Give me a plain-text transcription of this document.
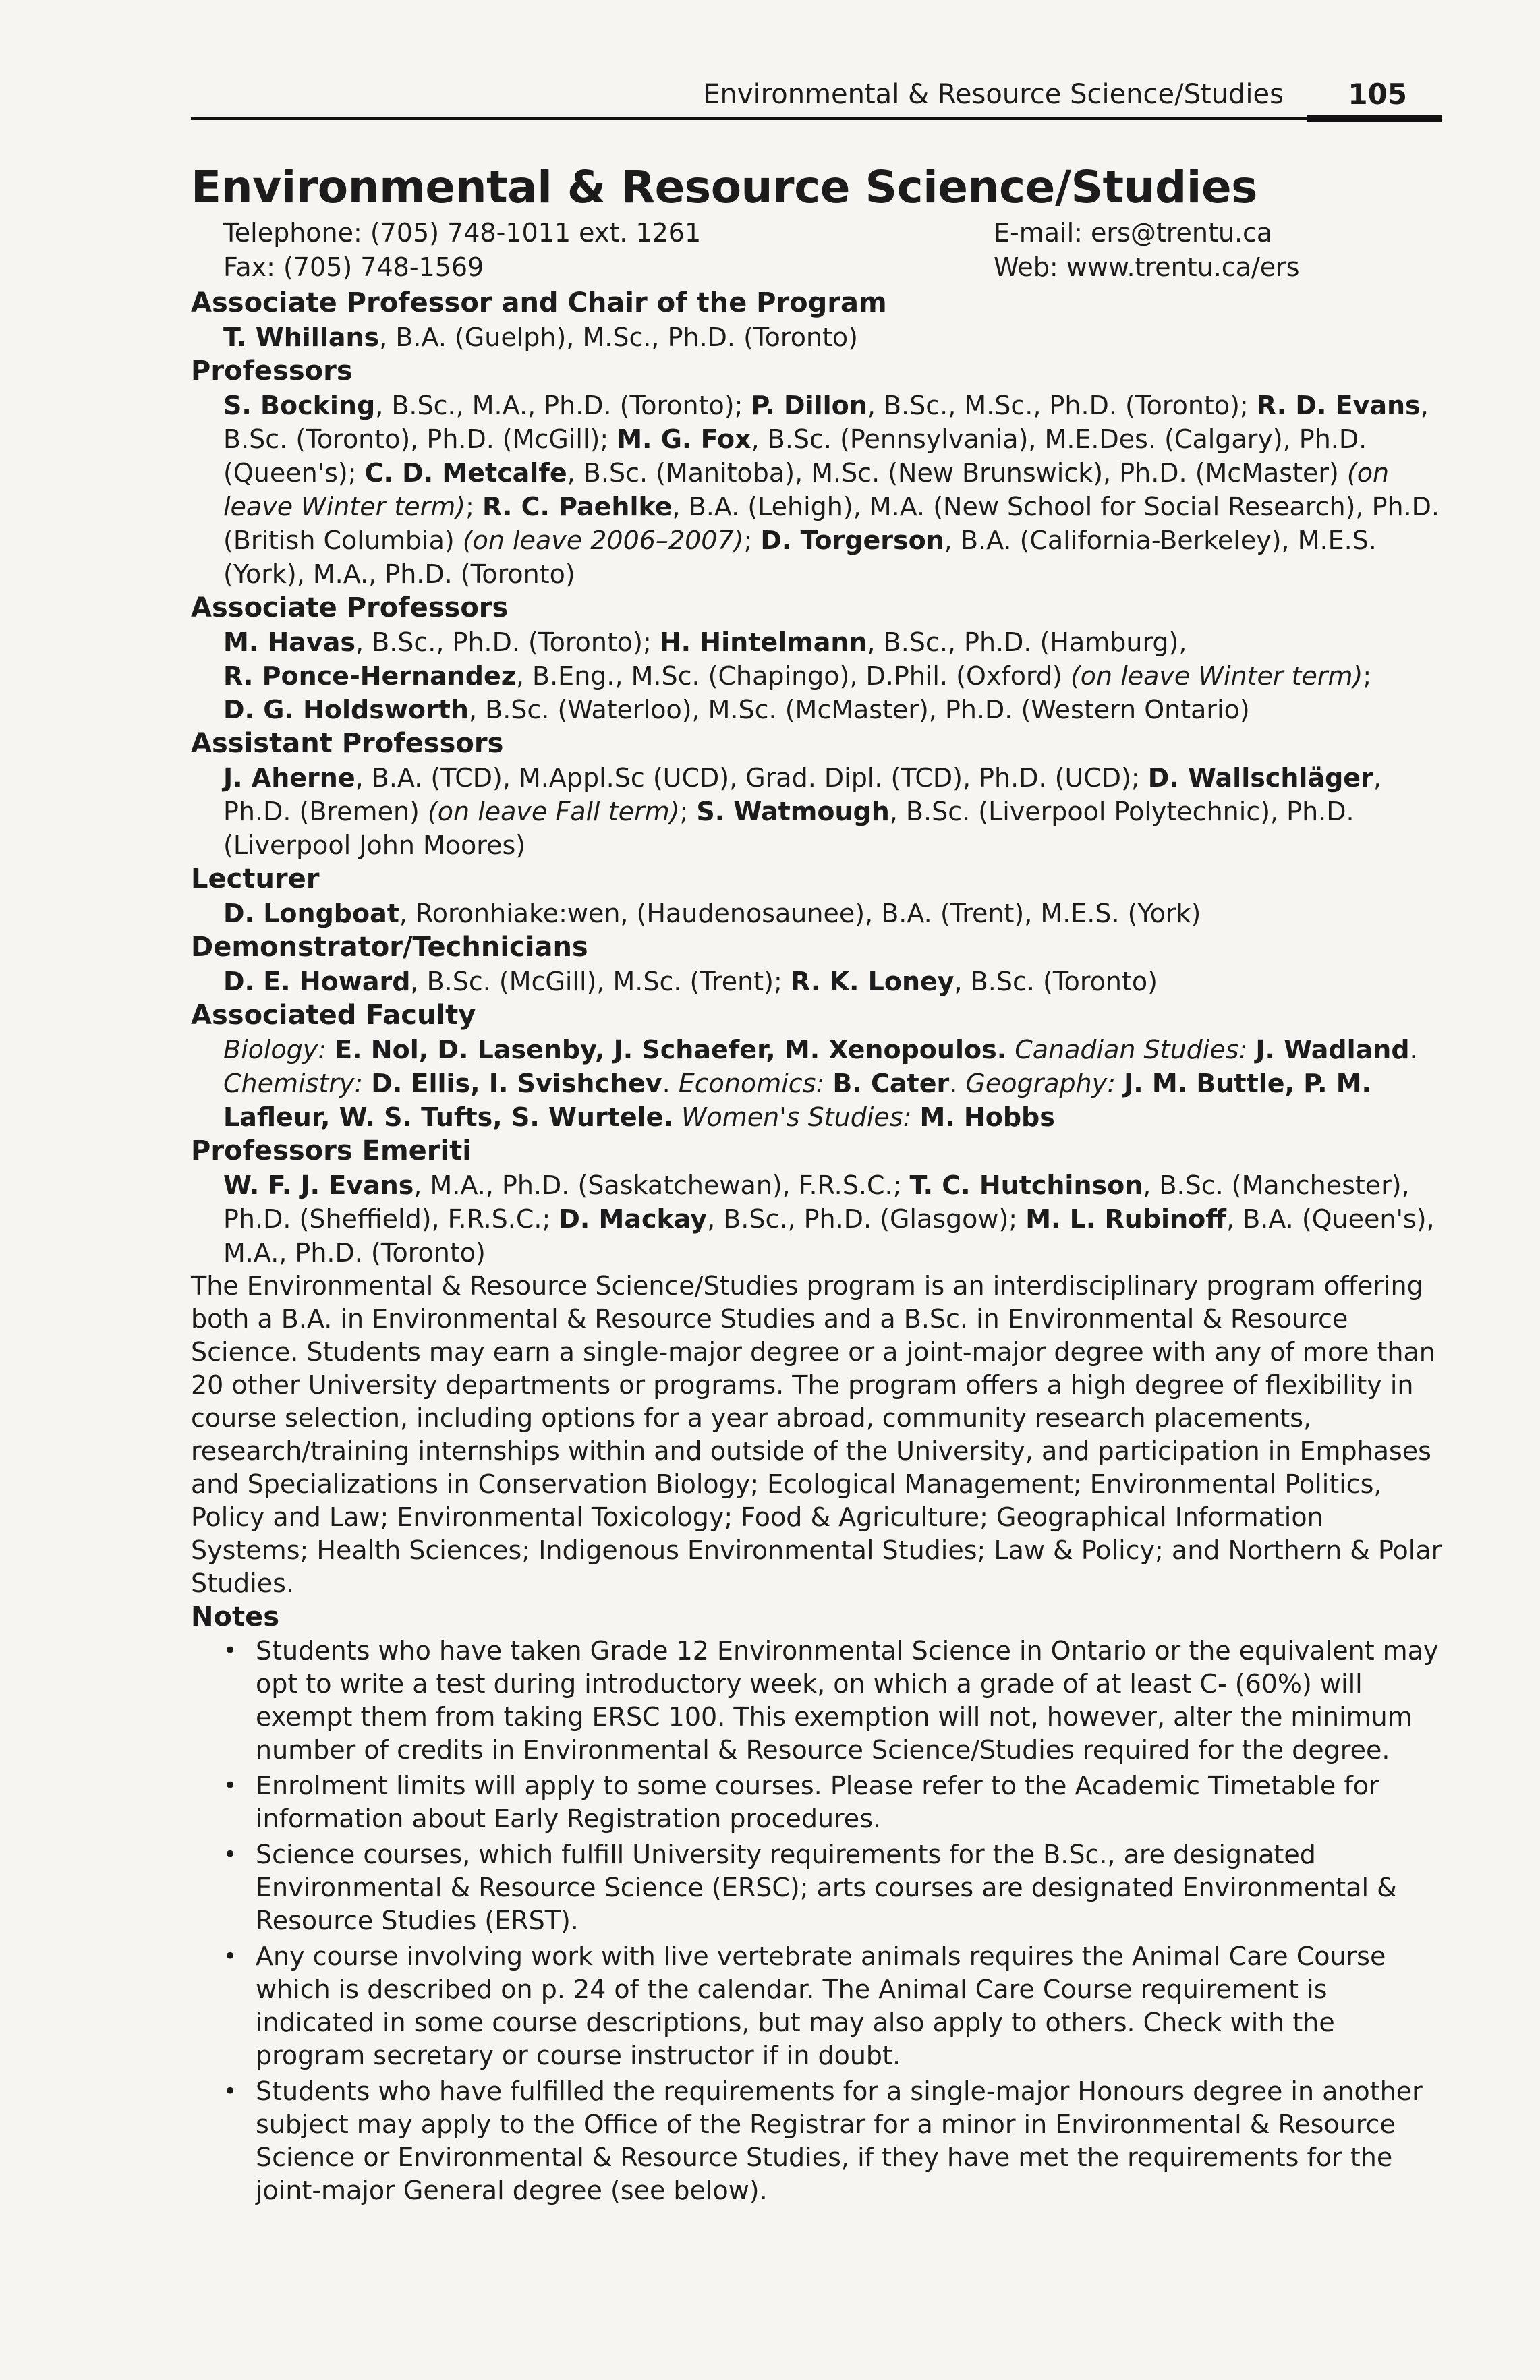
Environmental & Resource Science/Studies 105
Environmental & Resource Science/Studies
Telephone: (705) 748-1011 ext. 1261
Fax: (705) 748-1569
E-mail: ers@trentu.ca
Web: www.trentu.ca/ers

Associate Professor and Chair of the Program

T. Whillans, B.A. (Guelph), M.Sc., Ph.D. (Toronto)

Professors

S. Bocking, B.Sc., M.A., Ph.D. (Toronto); P. Dillon, B.Sc., M.Sc., Ph.D. (Toronto); R. D. Evans, B.Sc. (Toronto), Ph.D. (McGill); M. G. Fox, B.Sc. (Pennsylvania), M.E.Des. (Calgary), Ph.D. (Queen's); C. D. Metcalfe, B.Sc. (Manitoba), M.Sc. (New Brunswick), Ph.D. (McMaster) (on leave Winter term); R. C. Paehlke, B.A. (Lehigh), M.A. (New School for Social Research), Ph.D. (British Columbia) (on leave 2006–2007); D. Torgerson, B.A. (California-Berkeley), M.E.S. (York), M.A., Ph.D. (Toronto)

Associate Professors

M. Havas, B.Sc., Ph.D. (Toronto); H. Hintelmann, B.Sc., Ph.D. (Hamburg),
R. Ponce-Hernandez, B.Eng., M.Sc. (Chapingo), D.Phil. (Oxford) (on leave Winter term);
D. G. Holdsworth, B.Sc. (Waterloo), M.Sc. (McMaster), Ph.D. (Western Ontario)

Assistant Professors

J. Aherne, B.A. (TCD), M.Appl.Sc (UCD), Grad. Dipl. (TCD), Ph.D. (UCD); D. Wallschläger, Ph.D. (Bremen) (on leave Fall term); S. Watmough, B.Sc. (Liverpool Polytechnic), Ph.D. (Liverpool John Moores)

Lecturer

D. Longboat, Roronhiake:wen, (Haudenosaunee), B.A. (Trent), M.E.S. (York)

Demonstrator/Technicians

D. E. Howard, B.Sc. (McGill), M.Sc. (Trent); R. K. Loney, B.Sc. (Toronto)

Associated Faculty

Biology: E. Nol, D. Lasenby, J. Schaefer, M. Xenopoulos. Canadian Studies: J. Wadland. Chemistry: D. Ellis, I. Svishchev. Economics: B. Cater. Geography: J. M. Buttle, P. M. Lafleur, W. S. Tufts, S. Wurtele. Women's Studies: M. Hobbs

Professors Emeriti

W. F. J. Evans, M.A., Ph.D. (Saskatchewan), F.R.S.C.; T. C. Hutchinson, B.Sc. (Manchester), Ph.D. (Sheffield), F.R.S.C.; D. Mackay, B.Sc., Ph.D. (Glasgow); M. L. Rubinoff, B.A. (Queen's), M.A., Ph.D. (Toronto)

The Environmental & Resource Science/Studies program is an interdisciplinary program offering both a B.A. in Environmental & Resource Studies and a B.Sc. in Environmental & Resource Science. Students may earn a single-major degree or a joint-major degree with any of more than 20 other University departments or programs. The program offers a high degree of flexibility in course selection, including options for a year abroad, community research placements, research/training internships within and outside of the University, and participation in Emphases and Specializations in Conservation Biology; Ecological Management; Environmental Politics, Policy and Law; Environmental Toxicology; Food & Agriculture; Geographical Information Systems; Health Sciences; Indigenous Environmental Studies; Law & Policy; and Northern & Polar Studies.

Notes

• Students who have taken Grade 12 Environmental Science in Ontario or the equivalent may opt to write a test during introductory week, on which a grade of at least C- (60%) will exempt them from taking ERSC 100. This exemption will not, however, alter the minimum number of credits in Environmental & Resource Science/Studies required for the degree.
• Enrolment limits will apply to some courses. Please refer to the Academic Timetable for information about Early Registration procedures.
• Science courses, which fulfill University requirements for the B.Sc., are designated Environmental & Resource Science (ERSC); arts courses are designated Environmental & Resource Studies (ERST).
• Any course involving work with live vertebrate animals requires the Animal Care Course which is described on p. 24 of the calendar. The Animal Care Course requirement is indicated in some course descriptions, but may also apply to others. Check with the program secretary or course instructor if in doubt.
• Students who have fulfilled the requirements for a single-major Honours degree in another subject may apply to the Office of the Registrar for a minor in Environmental & Resource Science or Environmental & Resource Studies, if they have met the requirements for the joint-major General degree (see below).
